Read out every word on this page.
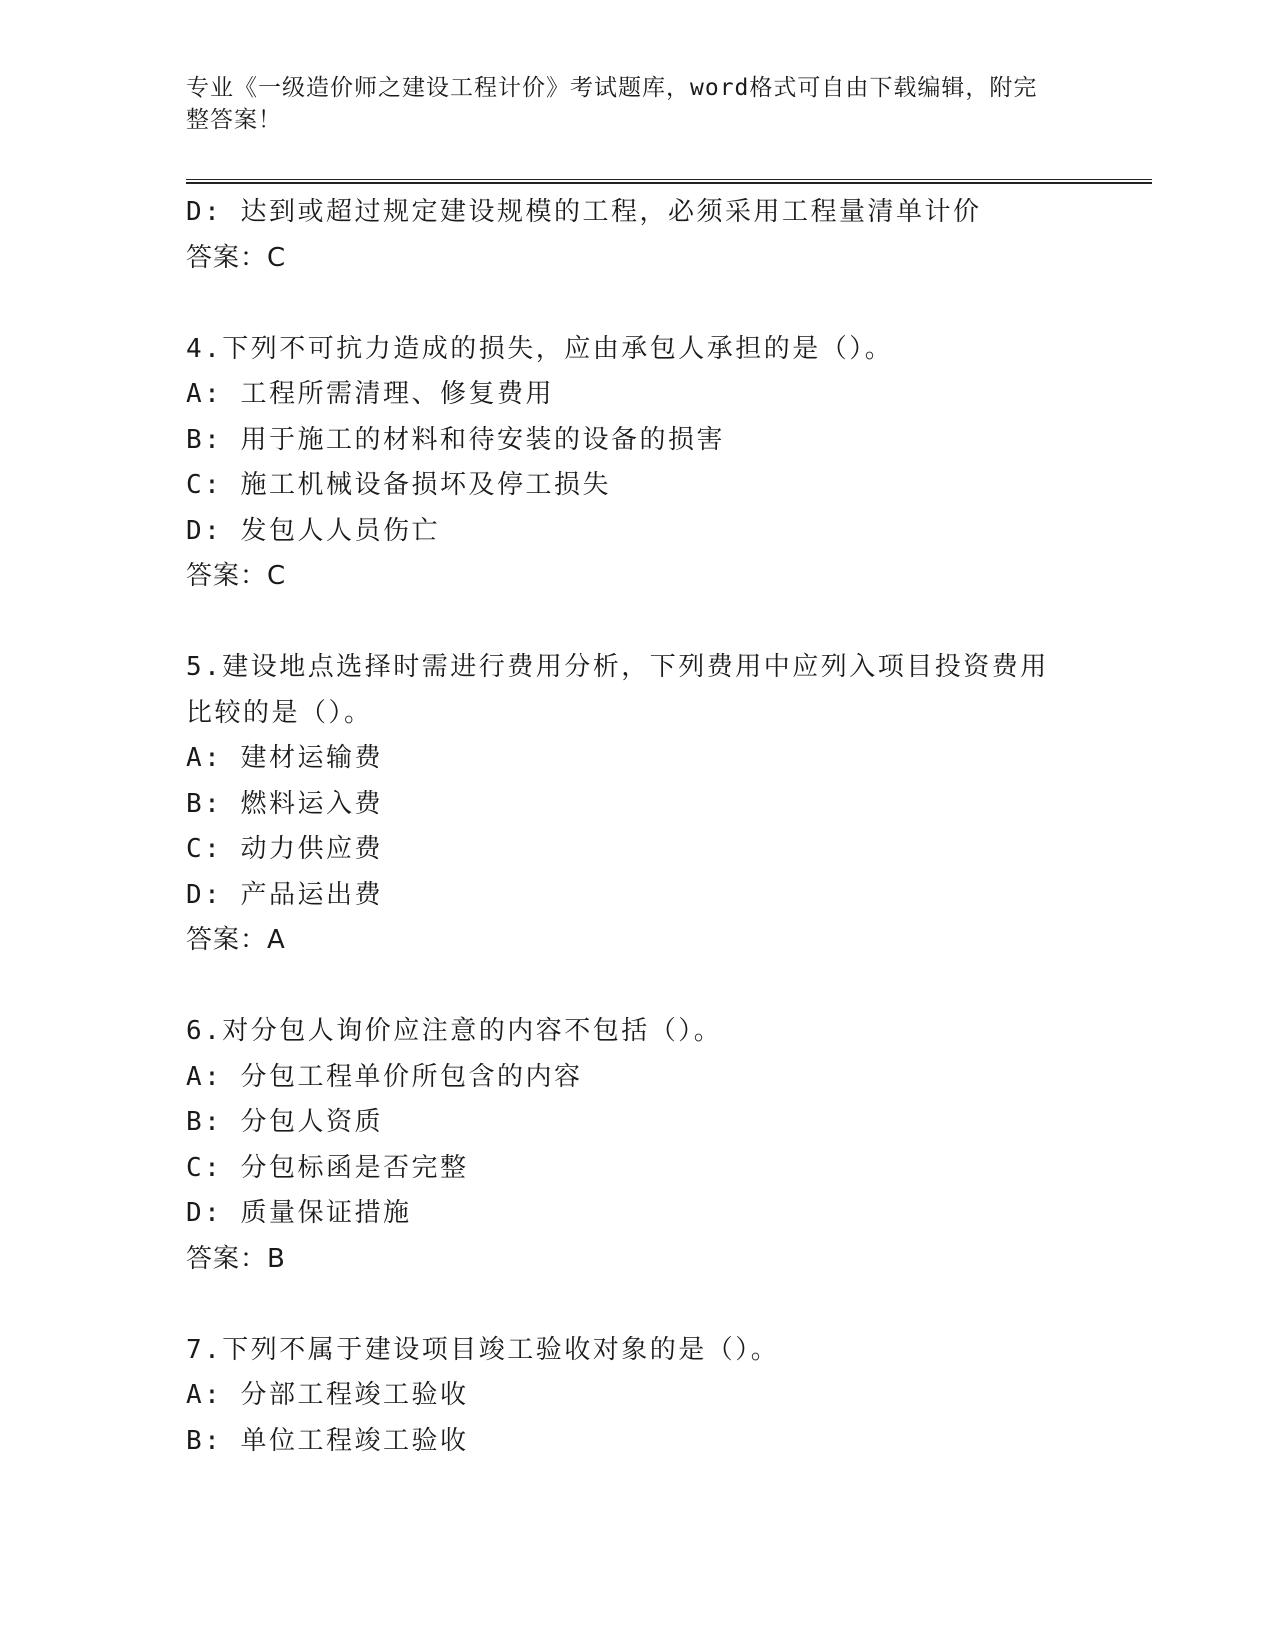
专业《一级造价师之建设工程计价》考试题库，word格式可自由下载编辑，附完
整答案！

D: 达到或超过规定建设规模的工程，必须采用工程量清单计价

答案：C

4.下列不可抗力造成的损失，应由承包人承担的是（）。

A: 工程所需清理、修复费用

B: 用于施工的材料和待安装的设备的损害

C: 施工机械设备损坏及停工损失

D: 发包人人员伤亡

答案：C

5.建设地点选择时需进行费用分析，下列费用中应列入项目投资费用

比较的是（）。

A: 建材运输费

B: 燃料运入费

C: 动力供应费

D: 产品运出费

答案：A

6.对分包人询价应注意的内容不包括（）。

A: 分包工程单价所包含的内容

B: 分包人资质

C: 分包标函是否完整

D: 质量保证措施

答案：B

7.下列不属于建设项目竣工验收对象的是（）。

A: 分部工程竣工验收

B: 单位工程竣工验收
